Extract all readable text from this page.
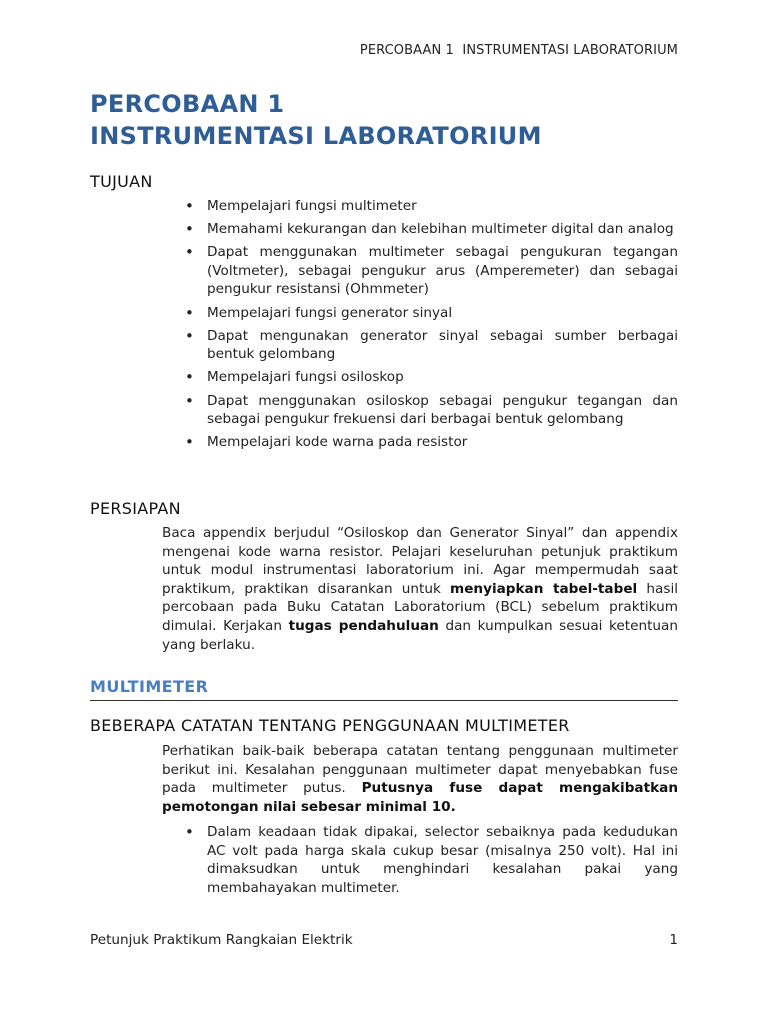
PERCOBAAN 1  INSTRUMENTASI LABORATORIUM
PERCOBAAN 1
INSTRUMENTASI LABORATORIUM
TUJUAN
• Mempelajari fungsi multimeter
• Memahami kekurangan dan kelebihan multimeter digital dan analog
• Dapat menggunakan multimeter sebagai pengukuran tegangan (Voltmeter), sebagai pengukur arus (Amperemeter) dan sebagai pengukur resistansi (Ohmmeter)
• Mempelajari fungsi generator sinyal
• Dapat mengunakan generator sinyal sebagai sumber berbagai bentuk gelombang
• Mempelajari fungsi osiloskop
• Dapat menggunakan osiloskop sebagai pengukur tegangan dan sebagai pengukur frekuensi dari berbagai bentuk gelombang
• Mempelajari kode warna pada resistor
PERSIAPAN
Baca appendix berjudul “Osiloskop dan Generator Sinyal” dan appendix mengenai kode warna resistor. Pelajari keseluruhan petunjuk praktikum untuk modul instrumentasi laboratorium ini. Agar mempermudah saat praktikum, praktikan disarankan untuk menyiapkan tabel-tabel hasil percobaan pada Buku Catatan Laboratorium (BCL) sebelum praktikum dimulai. Kerjakan tugas pendahuluan dan kumpulkan sesuai ketentuan yang berlaku.
MULTIMETER
BEBERAPA CATATAN TENTANG PENGGUNAAN MULTIMETER
Perhatikan baik-baik beberapa catatan tentang penggunaan multimeter berikut ini. Kesalahan penggunaan multimeter dapat menyebabkan fuse pada multimeter putus. Putusnya fuse dapat mengakibatkan pemotongan nilai sebesar minimal 10.
• Dalam keadaan tidak dipakai, selector sebaiknya pada kedudukan AC volt pada harga skala cukup besar (misalnya 250 volt). Hal ini dimaksudkan untuk menghindari kesalahan pakai yang membahayakan multimeter.
Petunjuk Praktikum Rangkaian Elektrik	1
